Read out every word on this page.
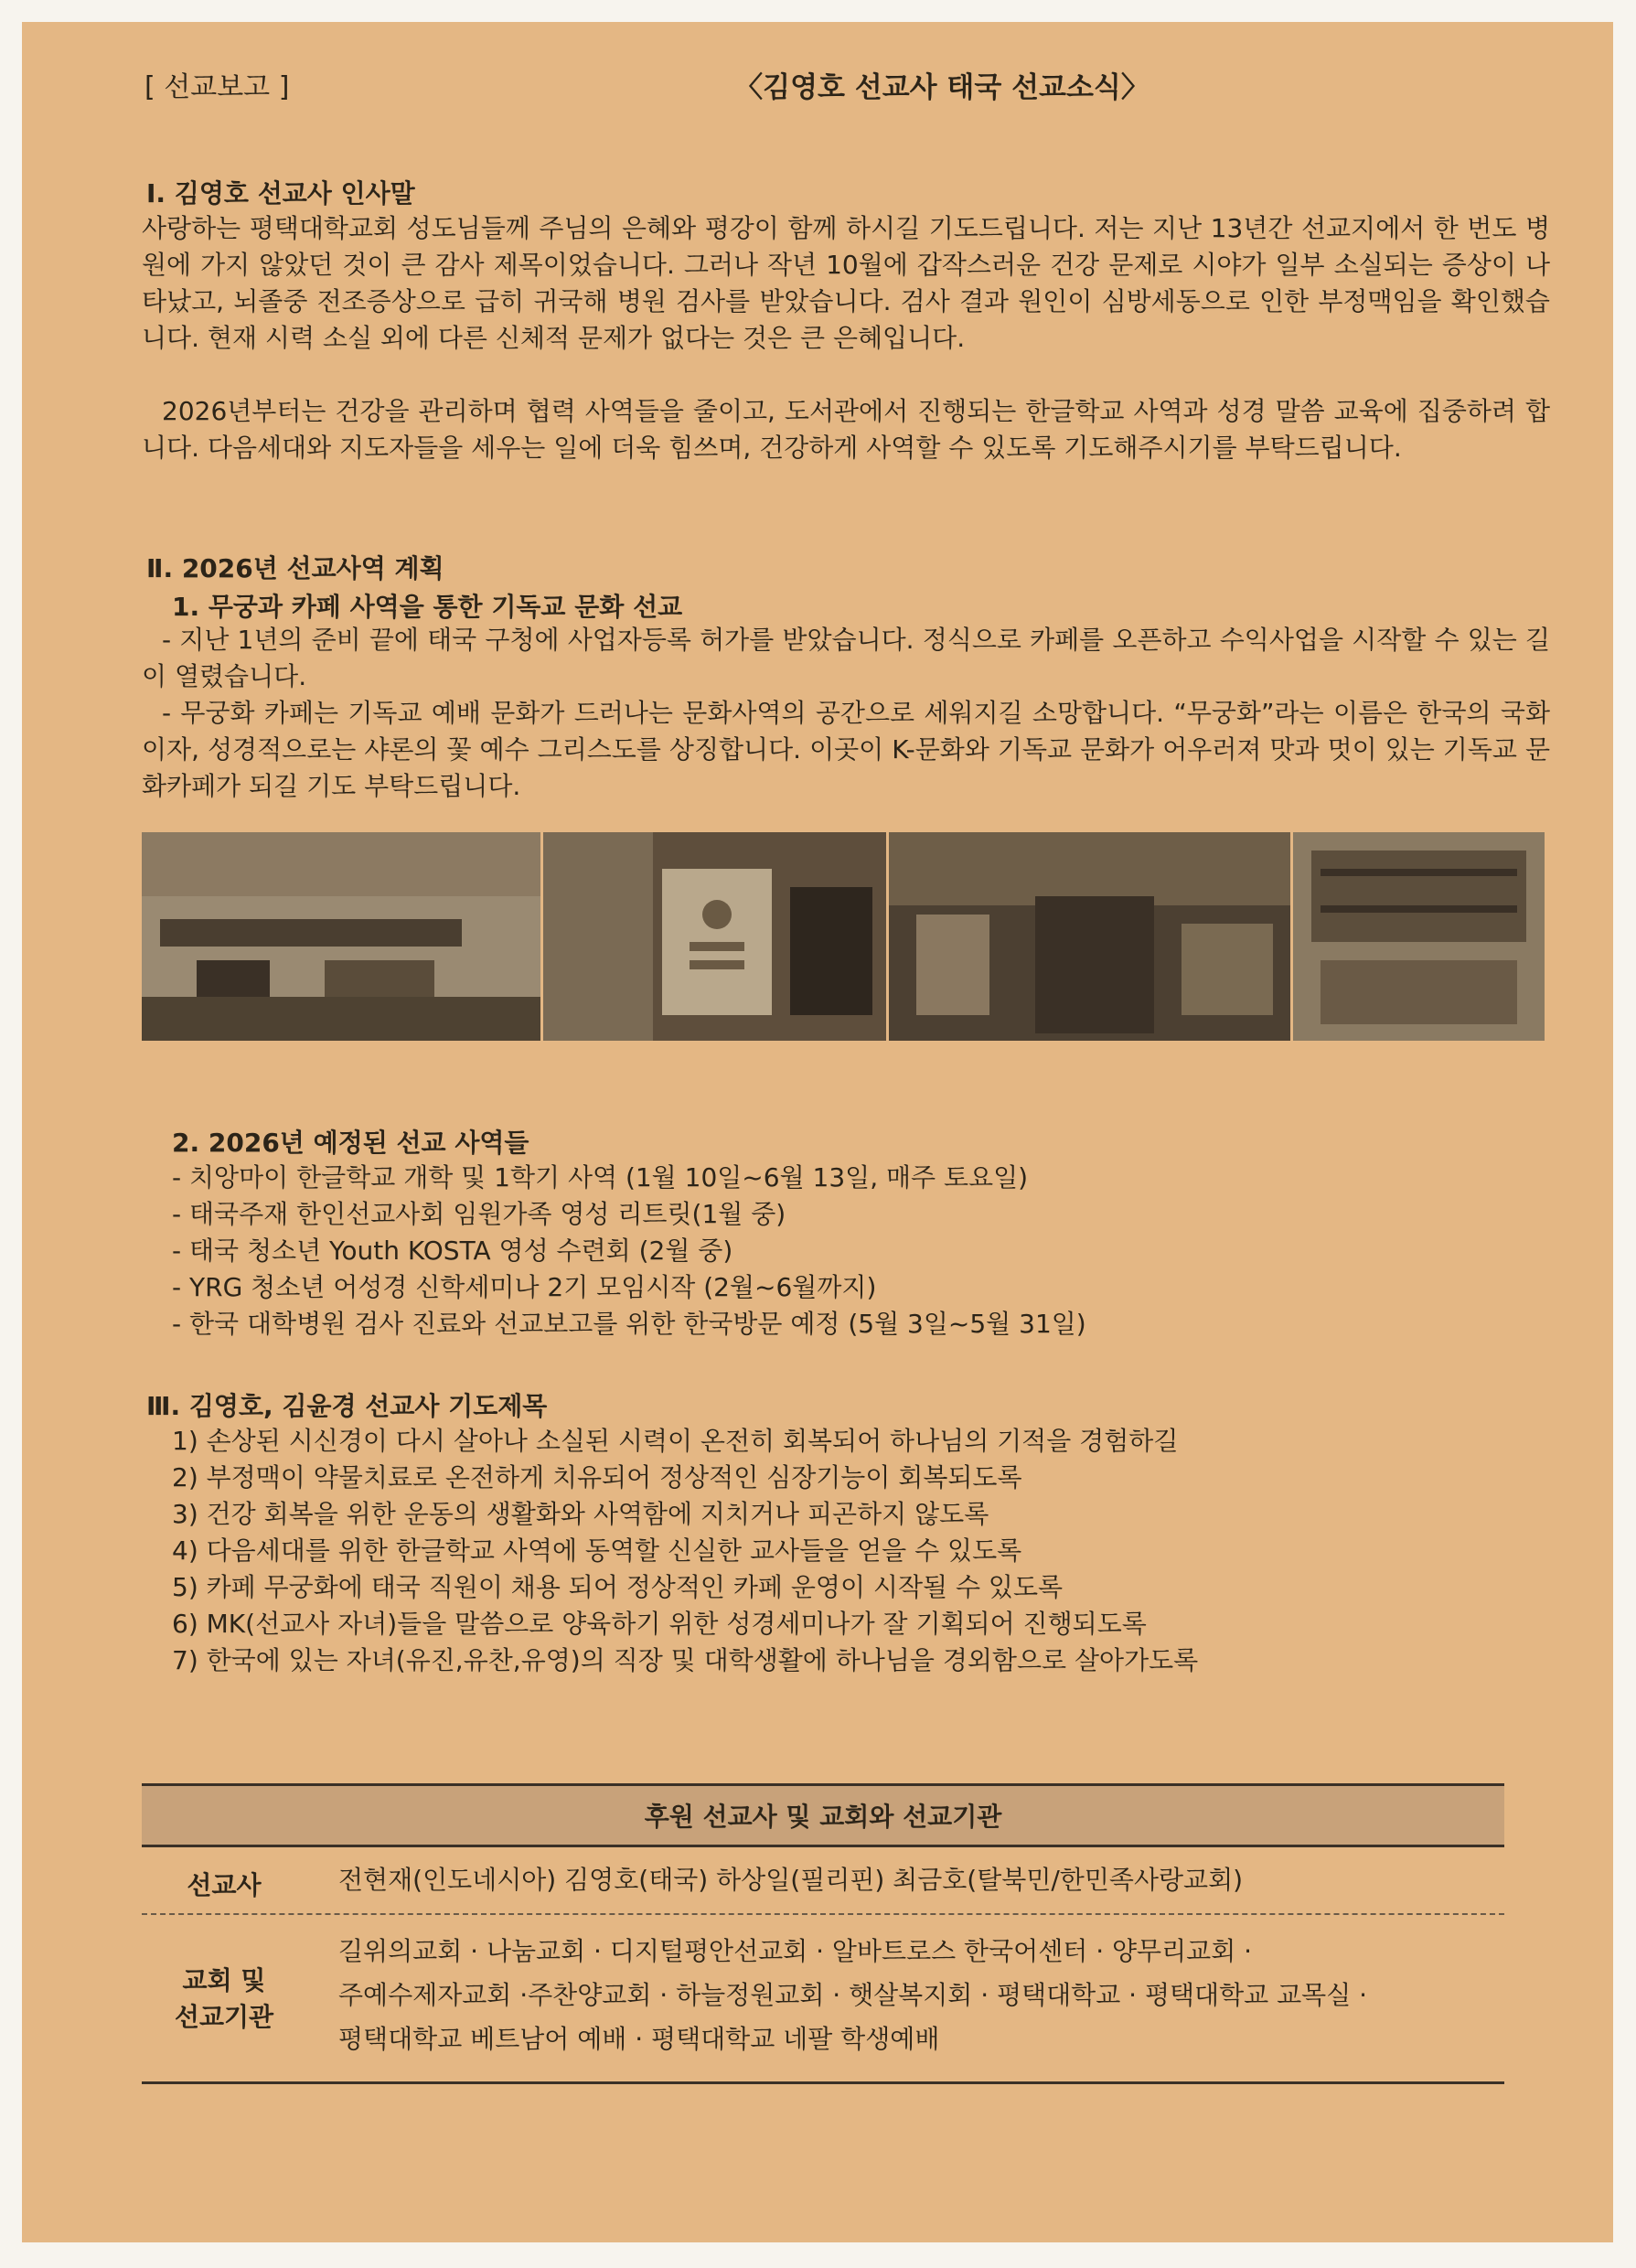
[ 선교보고 ]	〈김영호 선교사 태국 선교소식〉
Ⅰ. 김영호 선교사 인사말
사랑하는 평택대학교회 성도님들께 주님의 은혜와 평강이 함께 하시길 기도드립니다. 저는 지난 13년간 선교지에서 한 번도 병원에 가지 않았던 것이 큰 감사 제목이었습니다. 그러나 작년 10월에 갑작스러운 건강 문제로 시야가 일부 소실되는 증상이 나타났고, 뇌졸중 전조증상으로 급히 귀국해 병원 검사를 받았습니다. 검사 결과 원인이 심방세동으로 인한 부정맥임을 확인했습니다. 현재 시력 소실 외에 다른 신체적 문제가 없다는 것은 큰 은혜입니다.
2026년부터는 건강을 관리하며 협력 사역들을 줄이고, 도서관에서 진행되는 한글학교 사역과 성경 말씀 교육에 집중하려 합니다. 다음세대와 지도자들을 세우는 일에 더욱 힘쓰며, 건강하게 사역할 수 있도록 기도해주시기를 부탁드립니다.
Ⅱ. 2026년 선교사역 계획
1. 무궁과 카페 사역을 통한 기독교 문화 선교
- 지난 1년의 준비 끝에 태국 구청에 사업자등록 허가를 받았습니다. 정식으로 카페를 오픈하고 수익사업을 시작할 수 있는 길이 열렸습니다.
- 무궁화 카페는 기독교 예배 문화가 드러나는 문화사역의 공간으로 세워지길 소망합니다. “무궁화”라는 이름은 한국의 국화이자, 성경적으로는 샤론의 꽃 예수 그리스도를 상징합니다. 이곳이 K-문화와 기독교 문화가 어우러져 맛과 멋이 있는 기독교 문화카페가 되길 기도 부탁드립니다.
2. 2026년 예정된 선교 사역들
- 치앙마이 한글학교 개학 및 1학기 사역 (1월 10일~6월 13일, 매주 토요일)
- 태국주재 한인선교사회 임원가족 영성 리트릿(1월 중)
- 태국 청소년 Youth KOSTA 영성 수련회 (2월 중)
- YRG 청소년 어성경 신학세미나 2기 모임시작 (2월~6월까지)
- 한국 대학병원 검사 진료와 선교보고를 위한 한국방문 예정 (5월 3일~5월 31일)
Ⅲ. 김영호, 김윤경 선교사 기도제목
1) 손상된 시신경이 다시 살아나 소실된 시력이 온전히 회복되어 하나님의 기적을 경험하길
2) 부정맥이 약물치료로 온전하게 치유되어 정상적인 심장기능이 회복되도록
3) 건강 회복을 위한 운동의 생활화와 사역함에 지치거나 피곤하지 않도록
4) 다음세대를 위한 한글학교 사역에 동역할 신실한 교사들을 얻을 수 있도록
5) 카페 무궁화에 태국 직원이 채용 되어 정상적인 카페 운영이 시작될 수 있도록
6) MK(선교사 자녀)들을 말씀으로 양육하기 위한 성경세미나가 잘 기획되어 진행되도록
7) 한국에 있는 자녀(유진,유찬,유영)의 직장 및 대학생활에 하나님을 경외함으로 살아가도록
후원 선교사 및 교회와 선교기관
선교사	전현재(인도네시아) 김영호(태국) 하상일(필리핀) 최금호(탈북민/한민족사랑교회)
교회 및
선교기관
길위의교회 · 나눔교회 · 디지털평안선교회 · 알바트로스 한국어센터 · 양무리교회 ·
주예수제자교회 ·주찬양교회 · 하늘정원교회 · 햇살복지회 · 평택대학교 · 평택대학교 교목실 ·
평택대학교 베트남어 예배 · 평택대학교 네팔 학생예배
